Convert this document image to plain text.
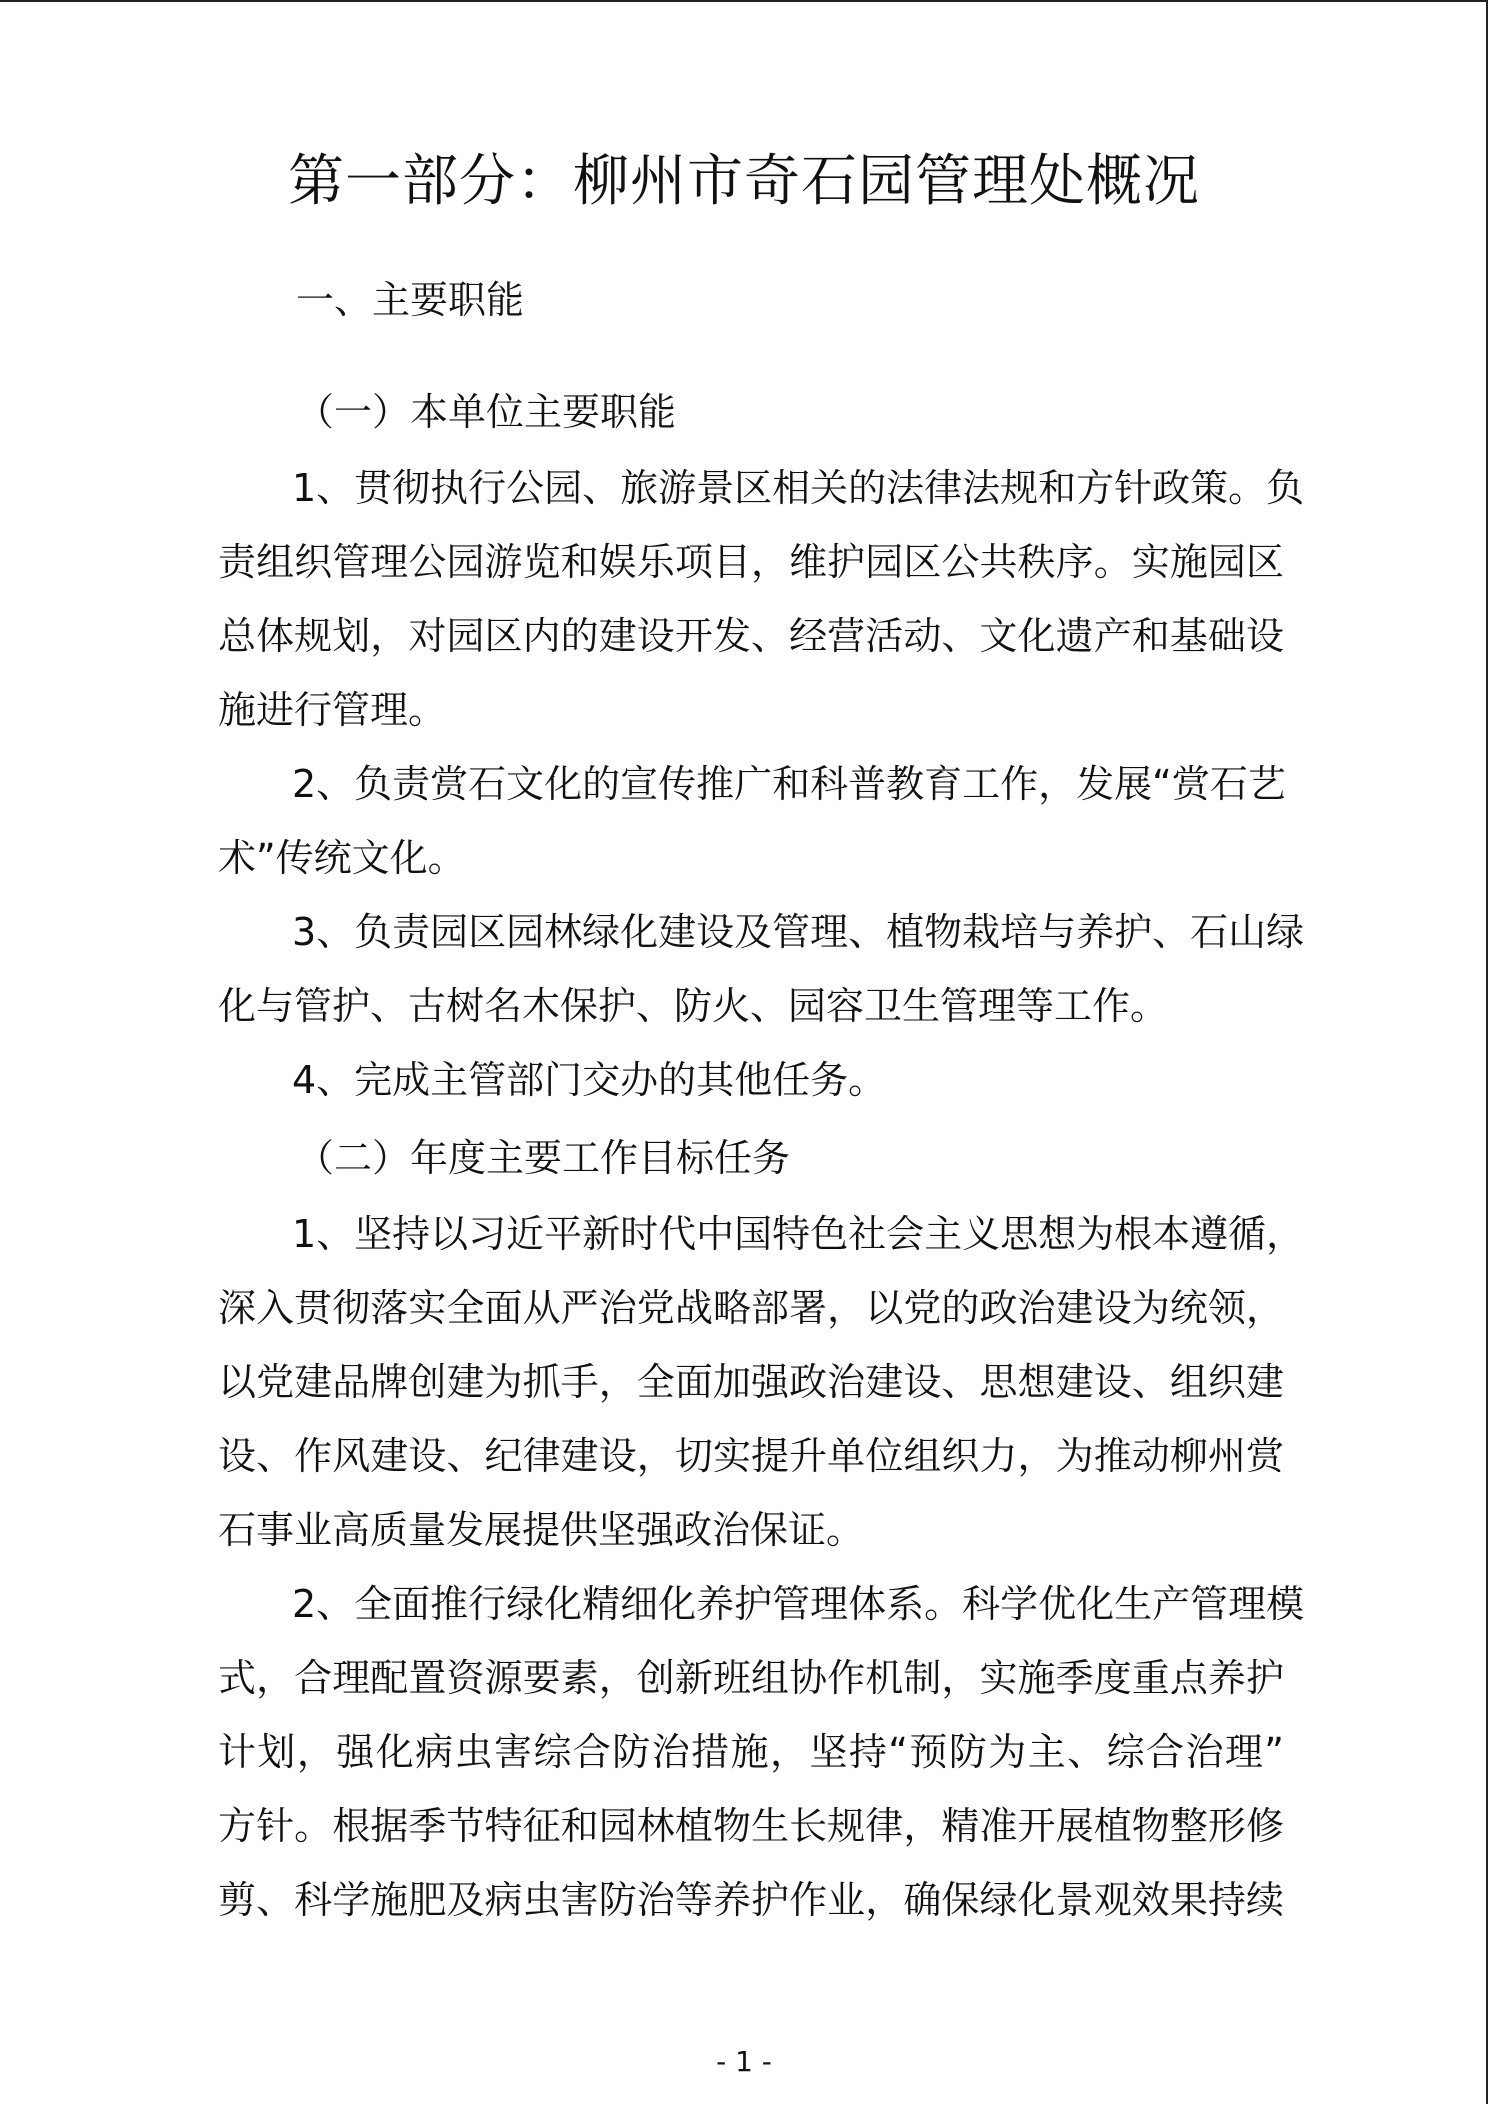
第一部分：柳州市奇石园管理处概况
一、主要职能
（一）本单位主要职能
1、贯彻执行公园、旅游景区相关的法律法规和方针政策。负
责组织管理公园游览和娱乐项目，维护园区公共秩序。实施园区
总体规划，对园区内的建设开发、经营活动、文化遗产和基础设
施进行管理。
2、负责赏石文化的宣传推广和科普教育工作，发展“赏石艺
术”传统文化。
3、负责园区园林绿化建设及管理、植物栽培与养护、石山绿
化与管护、古树名木保护、防火、园容卫生管理等工作。
4、完成主管部门交办的其他任务。
（二）年度主要工作目标任务
1、坚持以习近平新时代中国特色社会主义思想为根本遵循，
深入贯彻落实全面从严治党战略部署，以党的政治建设为统领，
以党建品牌创建为抓手，全面加强政治建设、思想建设、组织建
设、作风建设、纪律建设，切实提升单位组织力，为推动柳州赏
石事业高质量发展提供坚强政治保证。
2、全面推行绿化精细化养护管理体系。科学优化生产管理模
式，合理配置资源要素，创新班组协作机制，实施季度重点养护
计划，强化病虫害综合防治措施，坚持“预防为主、综合治理”
方针。根据季节特征和园林植物生长规律，精准开展植物整形修
剪、科学施肥及病虫害防治等养护作业，确保绿化景观效果持续
- 1 -
